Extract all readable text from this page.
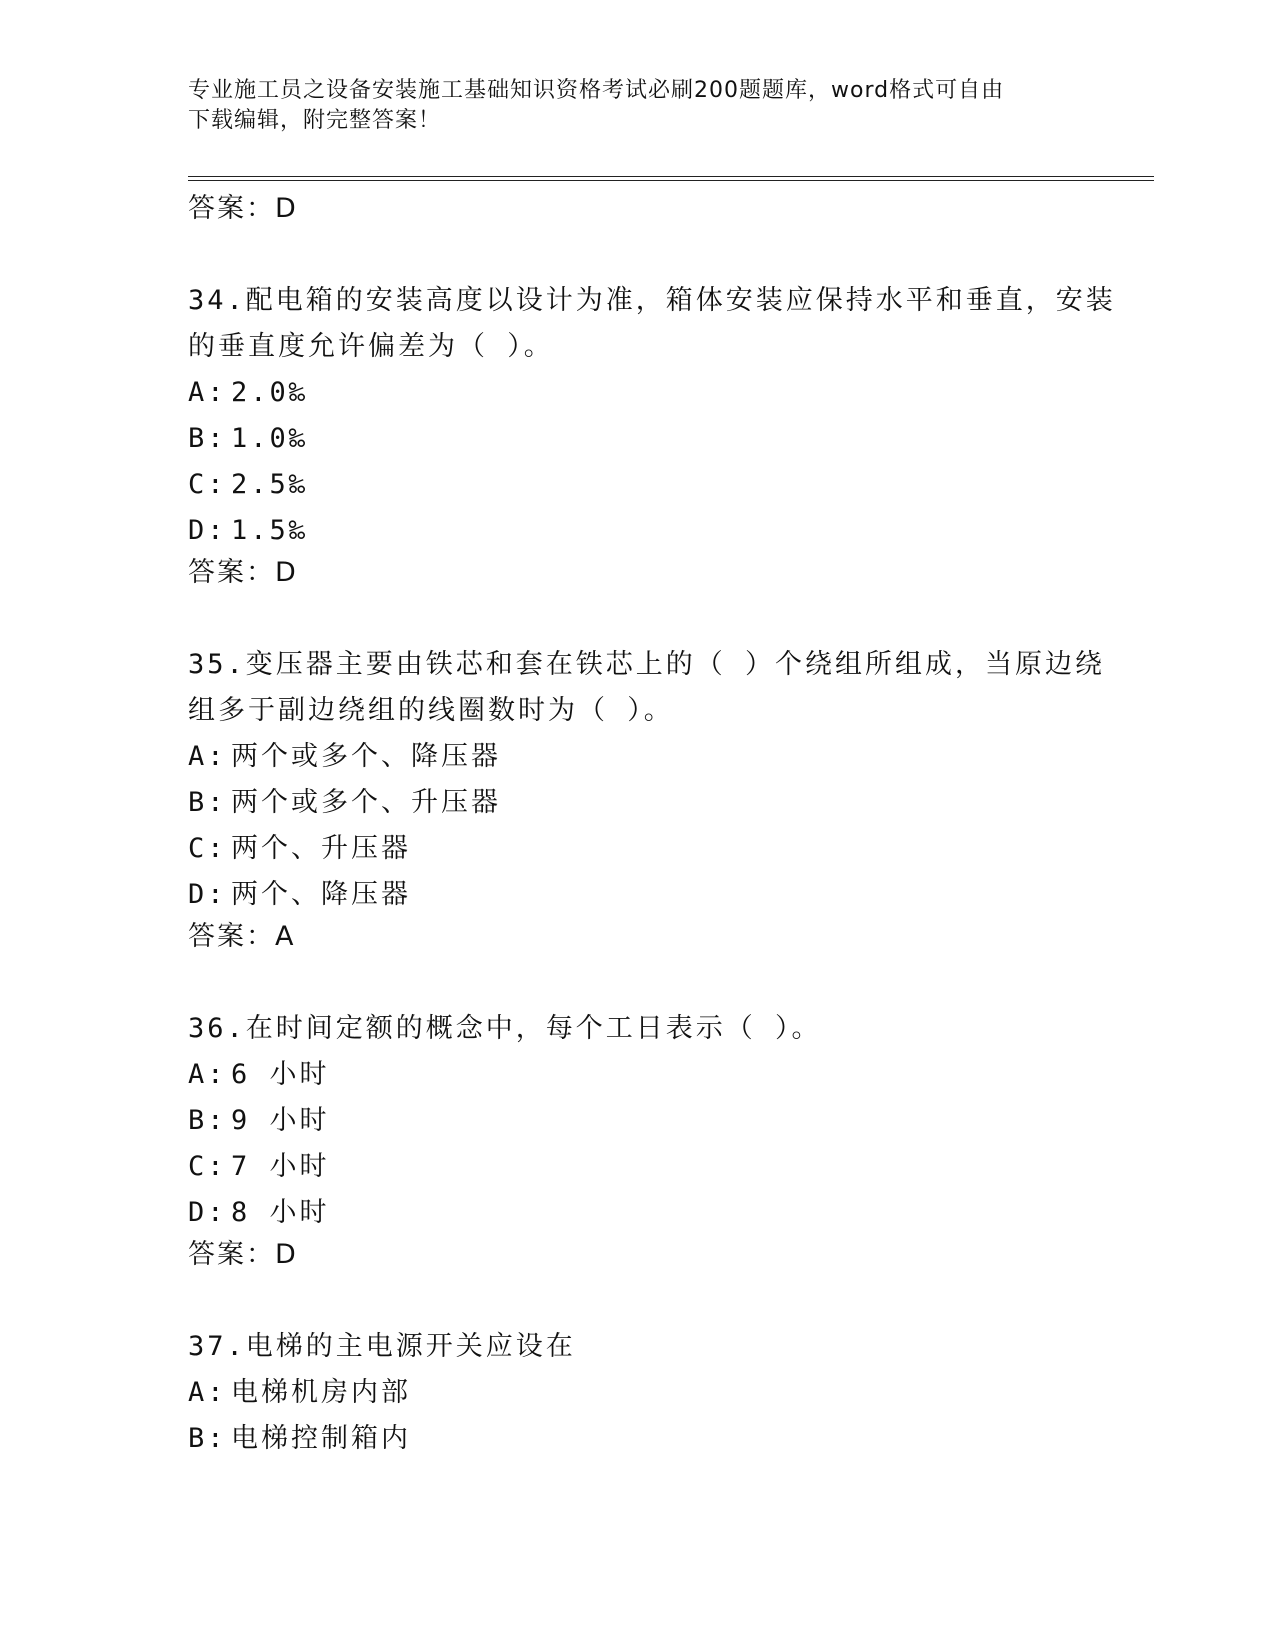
专业施工员之设备安装施工基础知识资格考试必刷200题题库，word格式可自由
下载编辑，附完整答案！
答案：D
34.配电箱的安装高度以设计为准，箱体安装应保持水平和垂直，安装
的垂直度允许偏差为（ ）。
A: 2.0‰
B: 1.0‰
C: 2.5‰
D: 1.5‰
答案：D
35.变压器主要由铁芯和套在铁芯上的（ ）个绕组所组成，当原边绕
组多于副边绕组的线圈数时为（ ）。
A: 两个或多个、降压器
B: 两个或多个、升压器
C: 两个、升压器
D: 两个、降压器
答案：A
36.在时间定额的概念中，每个工日表示（ ）。
A: 6 小时
B: 9 小时
C: 7 小时
D: 8 小时
答案：D
37.电梯的主电源开关应设在
A: 电梯机房内部
B: 电梯控制箱内
